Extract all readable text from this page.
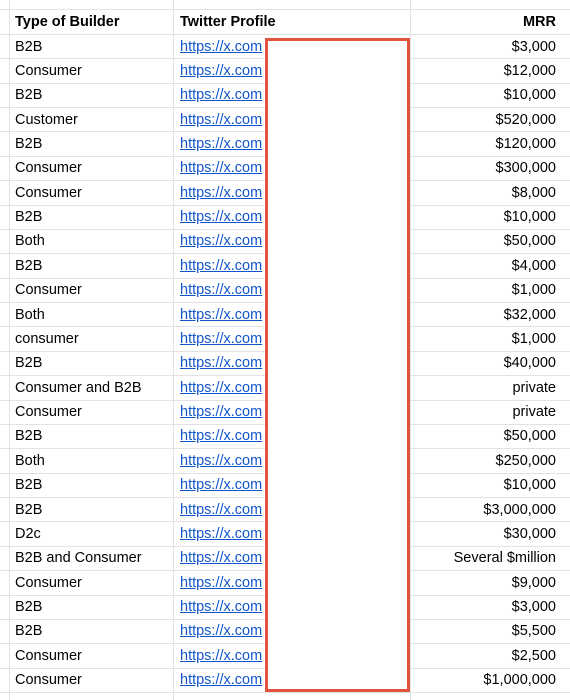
Type of Builder	Twitter Profile	MRR
B2B	https://x.com	$3,000
Consumer	https://x.com	$12,000
B2B	https://x.com	$10,000
Customer	https://x.com	$520,000
B2B	https://x.com	$120,000
Consumer	https://x.com	$300,000
Consumer	https://x.com	$8,000
B2B	https://x.com	$10,000
Both	https://x.com	$50,000
B2B	https://x.com	$4,000
Consumer	https://x.com	$1,000
Both	https://x.com	$32,000
consumer	https://x.com	$1,000
B2B	https://x.com	$40,000
Consumer and B2B	https://x.com	private
Consumer	https://x.com	private
B2B	https://x.com	$50,000
Both	https://x.com	$250,000
B2B	https://x.com	$10,000
B2B	https://x.com	$3,000,000
D2c	https://x.com	$30,000
B2B and Consumer	https://x.com	Several $million
Consumer	https://x.com	$9,000
B2B	https://x.com	$3,000
B2B	https://x.com	$5,500
Consumer	https://x.com	$2,500
Consumer	https://x.com	$1,000,000
